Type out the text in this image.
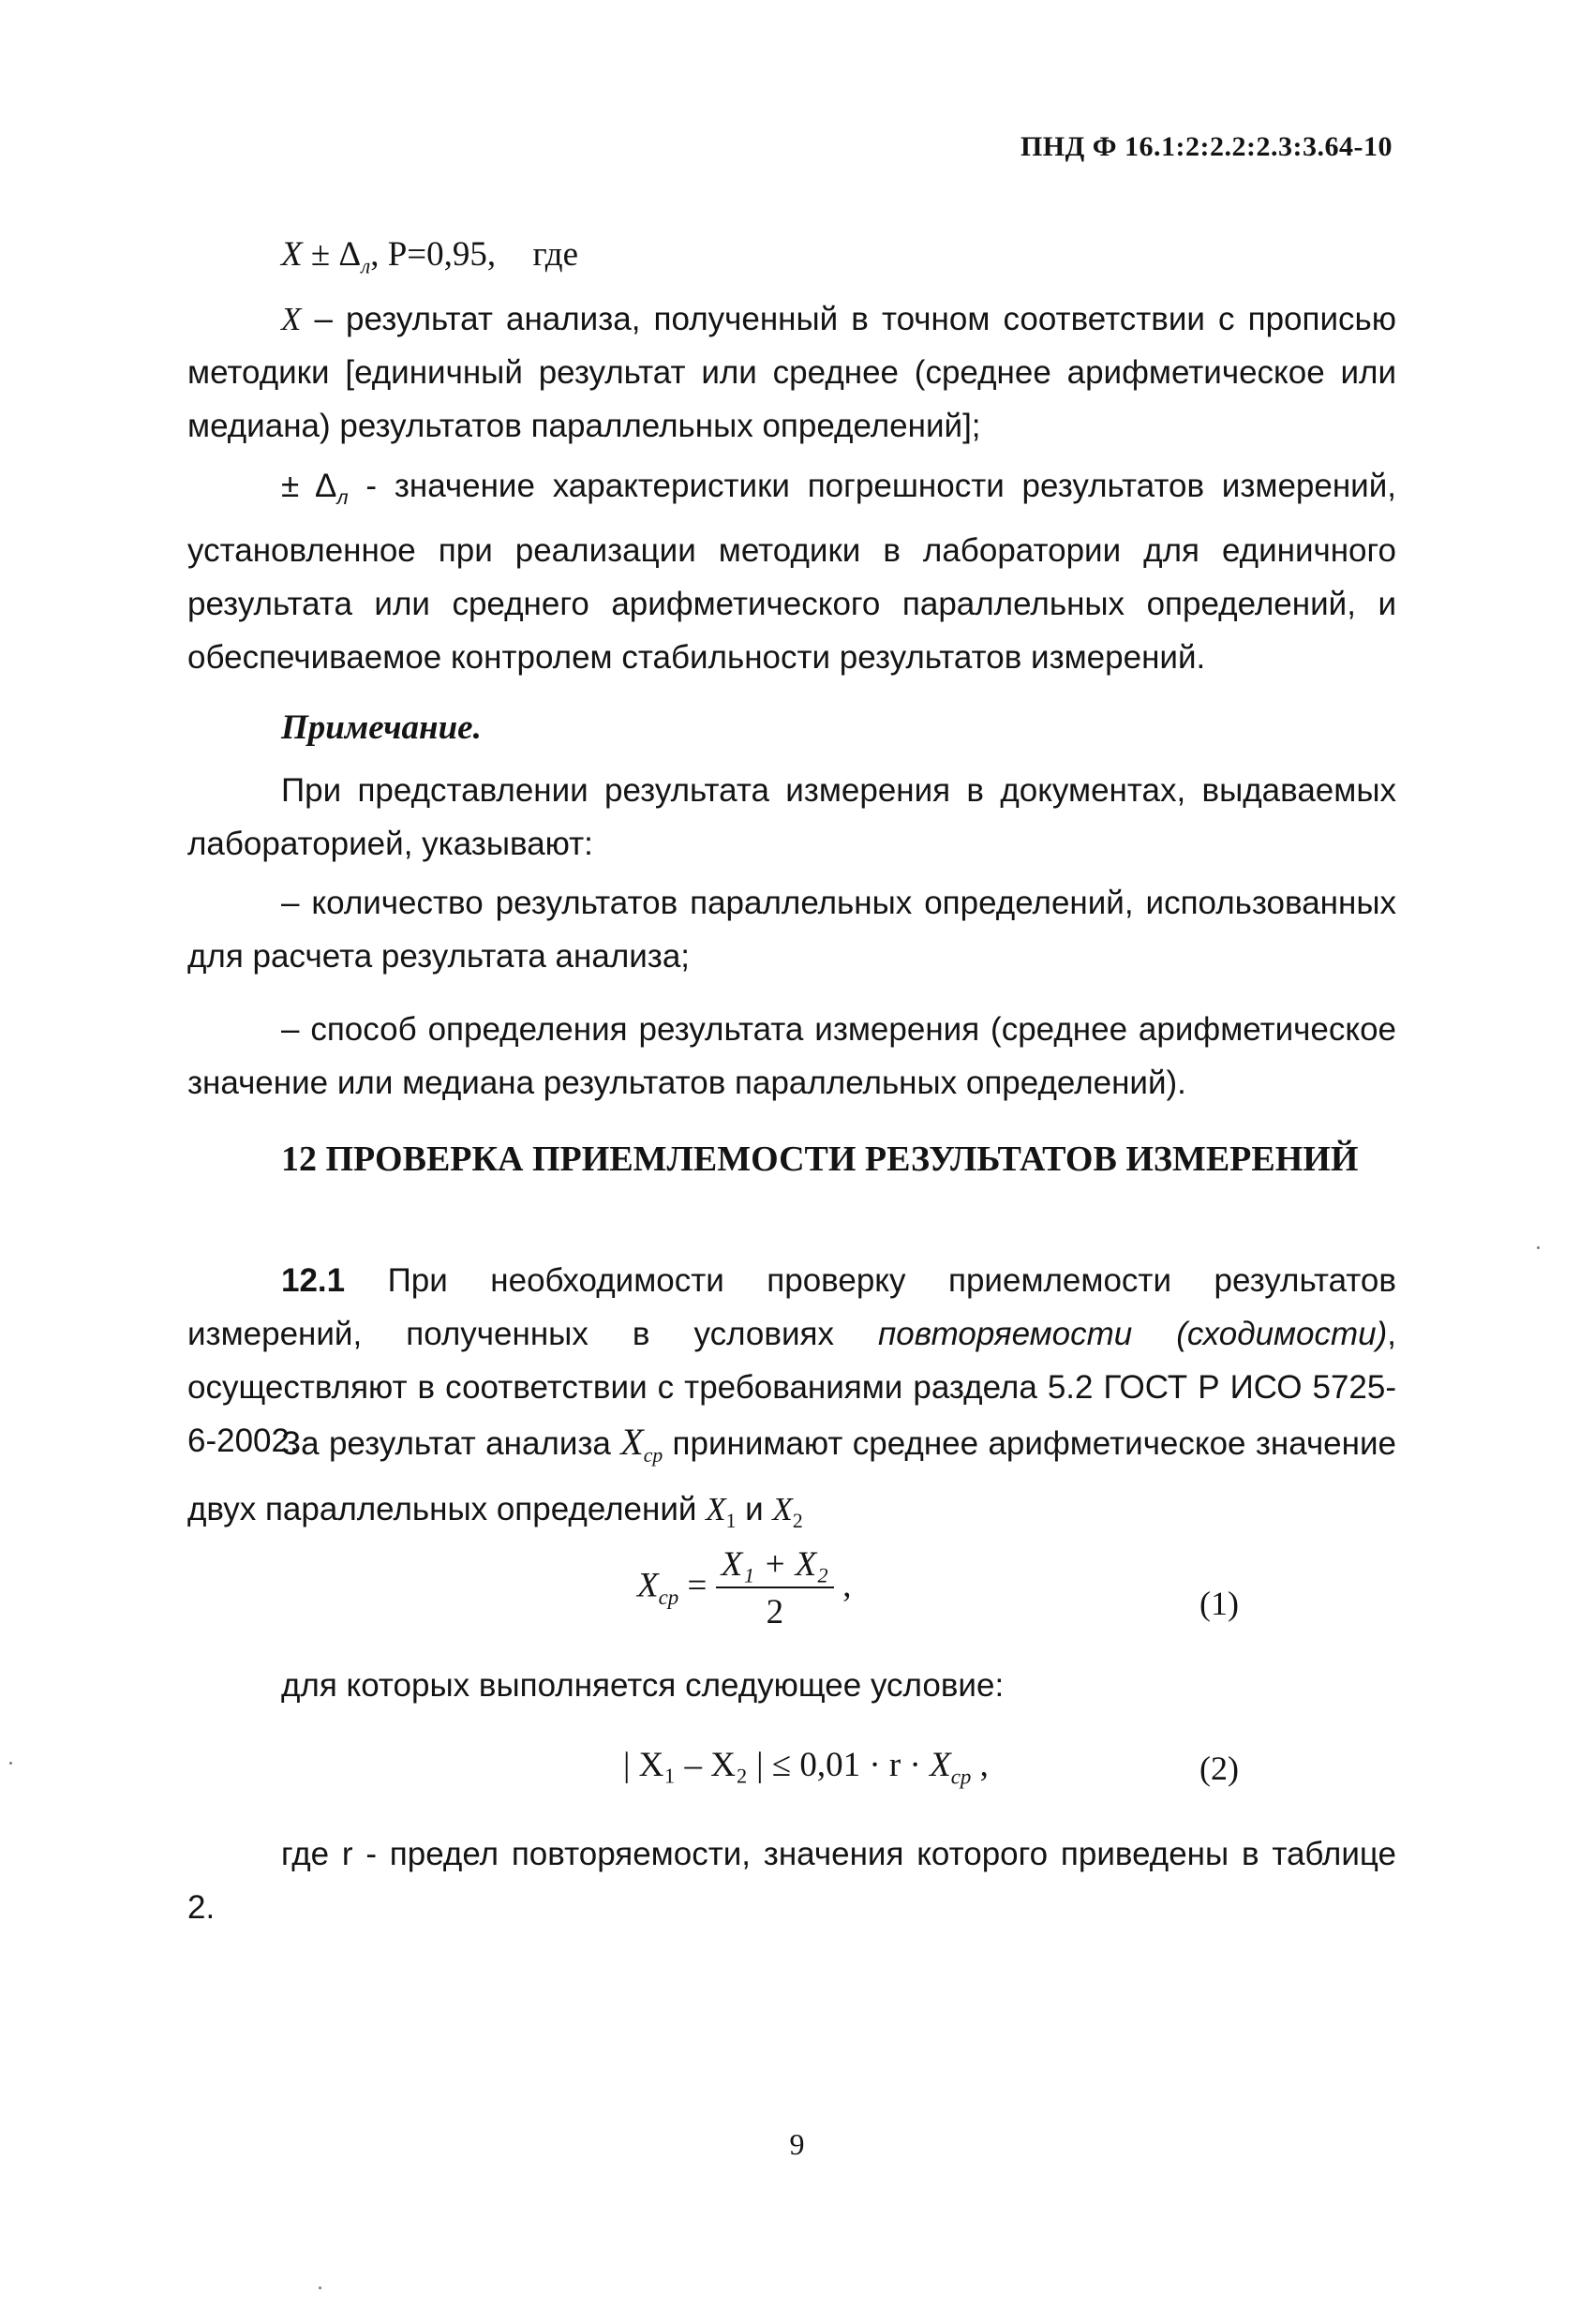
ПНД Ф 16.1:2:2.2:2.3:3.64-10
$X \pm \Delta_л$, P=0,95, где

X – результат анализа, полученный в точном соответствии с прописью методики [единичный результат или среднее (среднее арифметическое или медиана) результатов параллельных определений];

± $\Delta_л$ - значение характеристики погрешности результатов измерений, установленное при реализации методики в лаборатории для единичного результата или среднего арифметического параллельных определений, и обеспечиваемое контролем стабильности результатов измерений.

Примечание.

При представлении результата измерения в документах, выдаваемых лабораторией, указывают:

– количество результатов параллельных определений, использованных для расчета результата анализа;

– способ определения результата измерения (среднее арифметическое значение или медиана результатов параллельных определений).

12 ПРОВЕРКА ПРИЕМЛЕМОСТИ РЕЗУЛЬТАТОВ ИЗМЕРЕНИЙ

12.1 При необходимости проверку приемлемости результатов измерений, полученных в условиях повторяемости (сходимости), осуществляют в соответствии с требованиями раздела 5.2 ГОСТ Р ИСО 5725-6-2002.

За результат анализа $X_{ср}$ принимают среднее арифметическое значение двух параллельных определений $X_1$ и $X_2$

$X_{ср} = \frac{\text{X₁ + X₂}}{2}$ ,	(1)

для которых выполняется следующее условие:

| X₁ – X₂ | ≤ $0,01 \cdot r \cdot X_{ср}$ ,	(2)

где r - предел повторяемости, значения которого приведены в таблице 2.

9
